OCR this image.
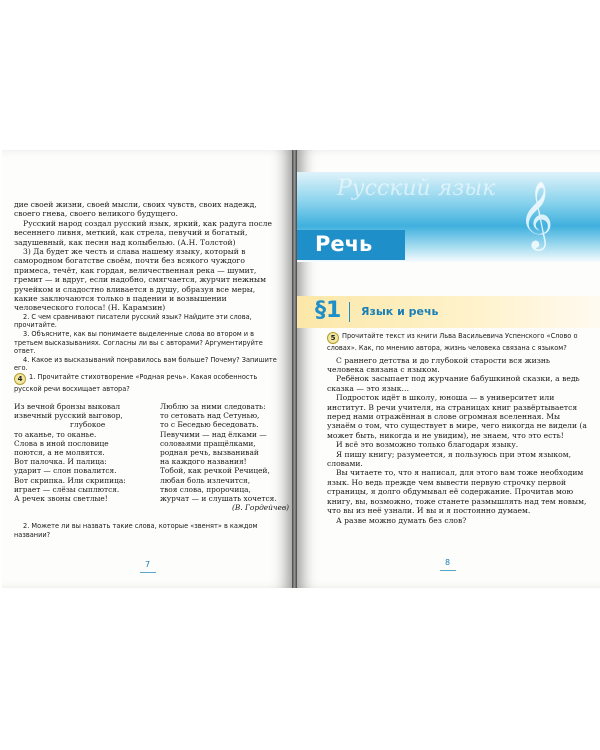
дие своей жизни, своей мысли, своих чувств, своих надежд, своего гнева, своего великого будущего.

Русский народ создал русский язык, яркий, как радуга после весеннего ливня, меткий, как стрела, певучий и богатый, задушевный, как песня над колыбелью. (А.Н. Толстой)

3) Да будет же честь и слава нашему языку, который в самородном богатстве своём, почти без всякого чуждого примеса, течёт, как гордая, величественная река — шумит, гремит — и вдруг, если надобно, смягчается, журчит нежным ручейком и сладостно вливается в душу, образуя все меры, какие заключаются только в падении и возвышении человеческого голоса! (Н. Карамзин)

2. С чем сравнивают писатели русский язык? Найдите эти слова, прочитайте.

3. Объясните, как вы понимаете выделенные слова во втором и в третьем высказываниях. Согласны ли вы с авторами? Аргументируйте ответ.

4. Какое из высказываний понравилось вам больше? Почему? Запишите его.

4 1. Прочитайте стихотворение «Родная речь». Какая особенность русской речи восхищает автора?

Из вечной бронзы выковал
извечный русский выговор,
глубокое
то аканье, то оканье.
Слова в иной пословице
поются, а не молвятся.
Вот палочка. И палица:
ударит — слон повалится.
Вот скрипка. Или скрипица:
играет — слёзы сыплются.
А речек звоны светлые!
Люблю за ними следовать:
то сетовать над Сетунью,
то с Беседью беседовать.
Певучими — над ёлками —
соловьями пращёлками,
родная речь, вызванивай
на каждого названия!
Тобой, как речкой Речицей,
любая боль излечится,
твоя слова, пророчица,
журчат — и слушать хочется.
(В. Гордейчев)

2. Можете ли вы назвать такие слова, которые «звенят» в каждом названии?

7
Русский язык 𝄞
Речь
§1 Язык и речь

5 Прочитайте текст из книги Льва Васильевича Успенского «Слово о словах». Как, по мнению автора, жизнь человека связана с языком?

С раннего детства и до глубокой старости вся жизнь человека связана с языком.

Ребёнок засыпает под журчание бабушкиной сказки, а ведь сказка — это язык…

Подросток идёт в школу, юноша — в университет или институт. В речи учителя, на страницах книг развёртывается перед нами отражённая в слове огромная вселенная. Мы узнаём о том, что существует в мире, чего никогда не видели (а может быть, никогда и не увидим), не знаем, что это есть!

И всё это возможно только благодаря языку.

Я пишу книгу; разумеется, я пользуюсь при этом языком, словами.

Вы читаете то, что я написал, для этого вам тоже необходим язык. Но ведь прежде чем вывести первую строчку первой страницы, я долго обдумывал её содержание. Прочитав мою книгу, вы, возможно, тоже станете размышлять над тем новым, что вы из неё узнали. И вы и я постоянно думаем.

А разве можно думать без слов?

8
